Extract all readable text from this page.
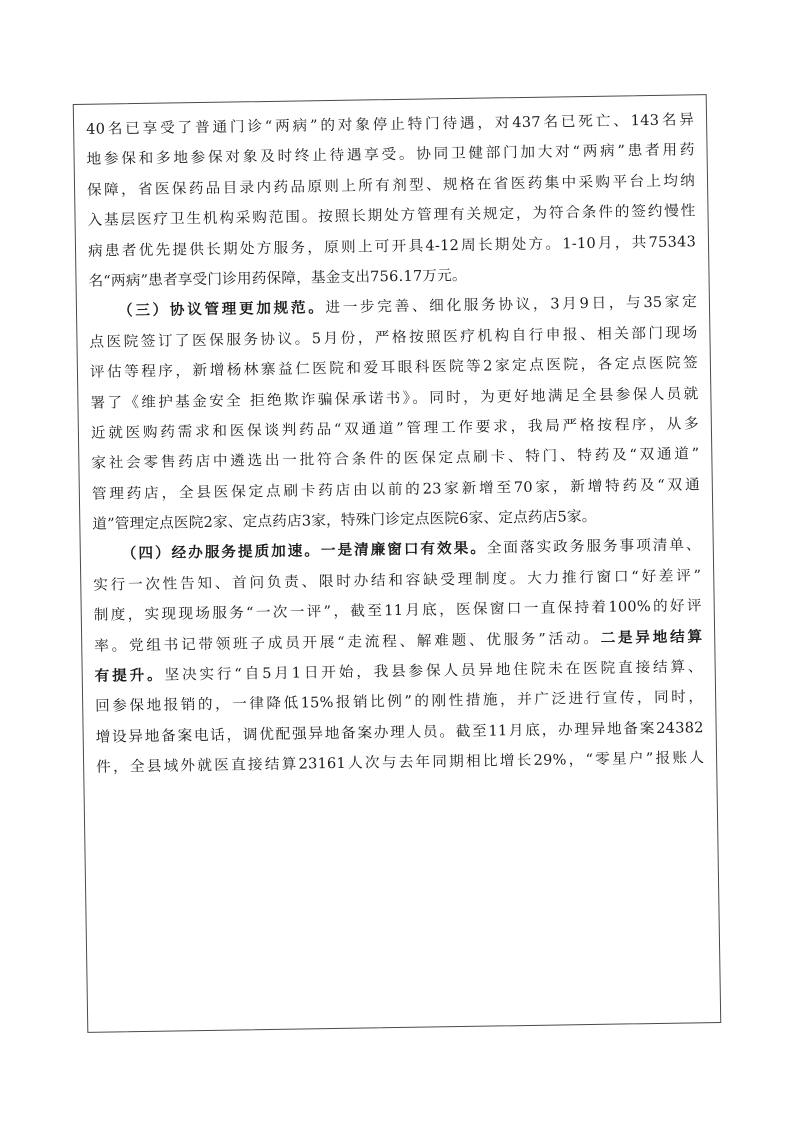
40名已享受了普通门诊“两病”的对象停止特门待遇，对437名已死亡、143名异
地参保和多地参保对象及时终止待遇享受。协同卫健部门加大对“两病”患者用药
保障，省医保药品目录内药品原则上所有剂型、规格在省医药集中采购平台上均纳
入基层医疗卫生机构采购范围。按照长期处方管理有关规定，为符合条件的签约慢性
病患者优先提供长期处方服务，原则上可开具4-12周长期处方。1-10月，共75343
名“两病”患者享受门诊用药保障，基金支出756.17万元。
（三）协议管理更加规范。进一步完善、细化服务协议，3月9日，与35家定
点医院签订了医保服务协议。5月份，严格按照医疗机构自行申报、相关部门现场
评估等程序，新增杨林寨益仁医院和爱耳眼科医院等2家定点医院，各定点医院签
署了《维护基金安全 拒绝欺诈骗保承诺书》。同时，为更好地满足全县参保人员就
近就医购药需求和医保谈判药品“双通道”管理工作要求，我局严格按程序，从多
家社会零售药店中遴选出一批符合条件的医保定点刷卡、特门、特药及“双通道”
管理药店，全县医保定点刷卡药店由以前的23家新增至70家，新增特药及“双通
道”管理定点医院2家、定点药店3家，特殊门诊定点医院6家、定点药店5家。
（四）经办服务提质加速。一是清廉窗口有效果。全面落实政务服务事项清单、
实行一次性告知、首问负责、限时办结和容缺受理制度。大力推行窗口“好差评”
制度，实现现场服务“一次一评”，截至11月底，医保窗口一直保持着100%的好评
率。党组书记带领班子成员开展“走流程、解难题、优服务”活动。二是异地结算
有提升。坚决实行“自5月1日开始，我县参保人员异地住院未在医院直接结算、
回参保地报销的，一律降低15%报销比例”的刚性措施，并广泛进行宣传，同时，
增设异地备案电话，调优配强异地备案办理人员。截至11月底，办理异地备案24382
件，全县域外就医直接结算23161人次与去年同期相比增长29%，“零星户”报账人
